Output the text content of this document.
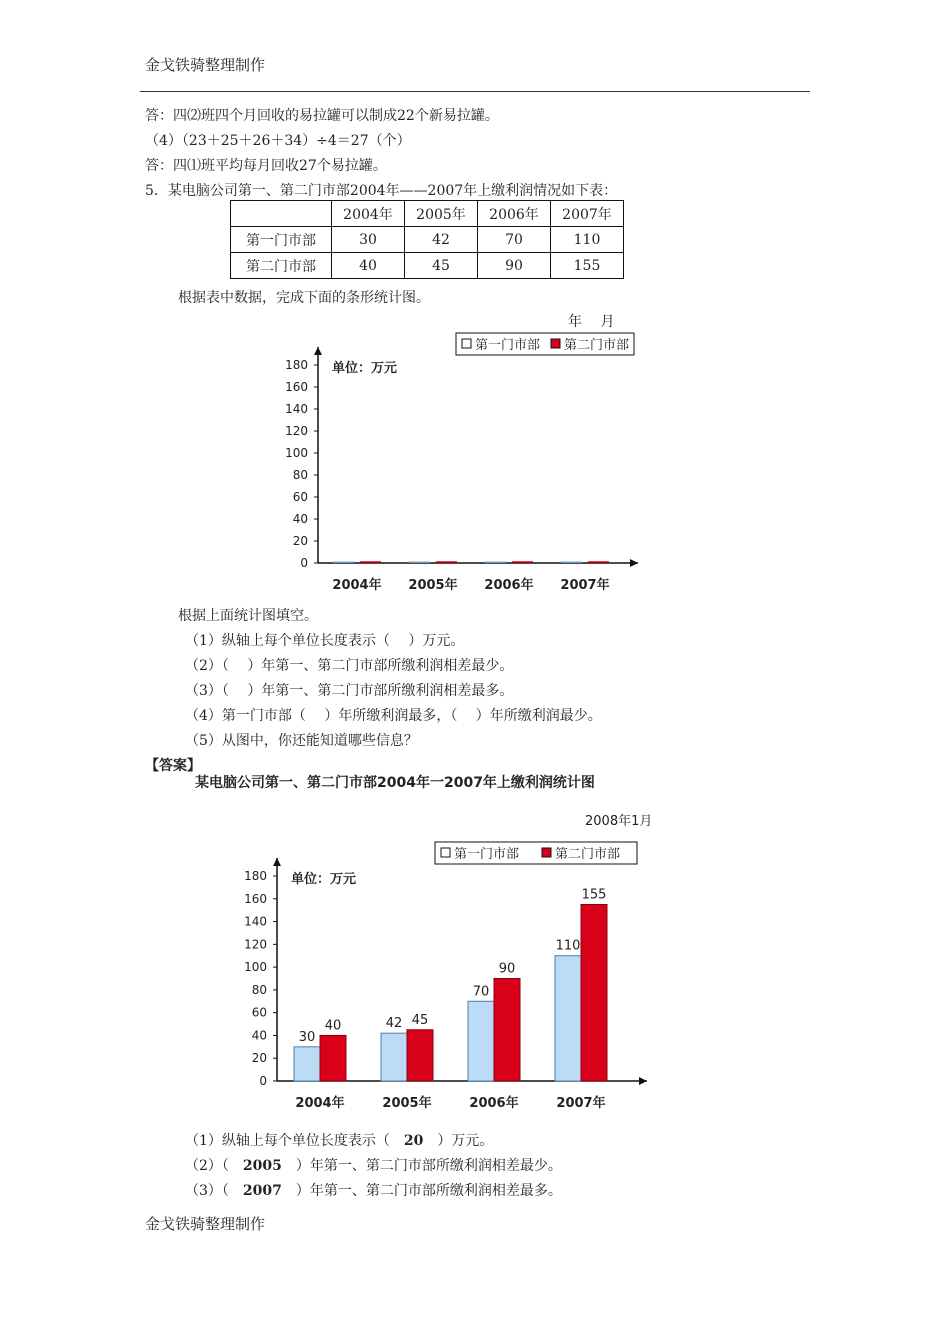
金戈铁骑整理制作
答：四⑵班四个月回收的易拉罐可以制成22个新易拉罐。
（4）（23＋25＋26＋34）÷4＝27（个）
答：四⑴班平均每月回收27个易拉罐。
5．某电脑公司第一、第二门市部2004年——2007年上缴利润情况如下表：
	2004年	2005年	2006年	2007年
第一门市部	30	42	70	110
第二门市部	40	45	90	155
根据表中数据，完成下面的条形统计图。
年　 月
0
20
40
60
80
100
120
140
160
180 单位：万元
第一门市部 第二门市部
2004年 2005年 2006年 2007年
根据上面统计图填空。
（1）纵轴上每个单位长度表示（　 ）万元。
（2）（　 ）年第一、第二门市部所缴利润相差最少。
（3）（　 ）年第一、第二门市部所缴利润相差最多。
（4）第一门市部（　 ）年所缴利润最多，（　 ）年所缴利润最少。
（5）从图中，你还能知道哪些信息？
【答案】
某电脑公司第一、第二门市部2004年一2007年上缴利润统计图
2008年1月
0
20
40
60
80
100
120
140
160
180 单位：万元
第一门市部	第二门市部
30
40
2004年
42 45
2005年
70
90
2006年
110
155
2007年
（1）纵轴上每个单位长度表示（ 20 ）万元。
（2）（ 2005 ）年第一、第二门市部所缴利润相差最少。
（3）（ 2007 ）年第一、第二门市部所缴利润相差最多。
金戈铁骑整理制作
